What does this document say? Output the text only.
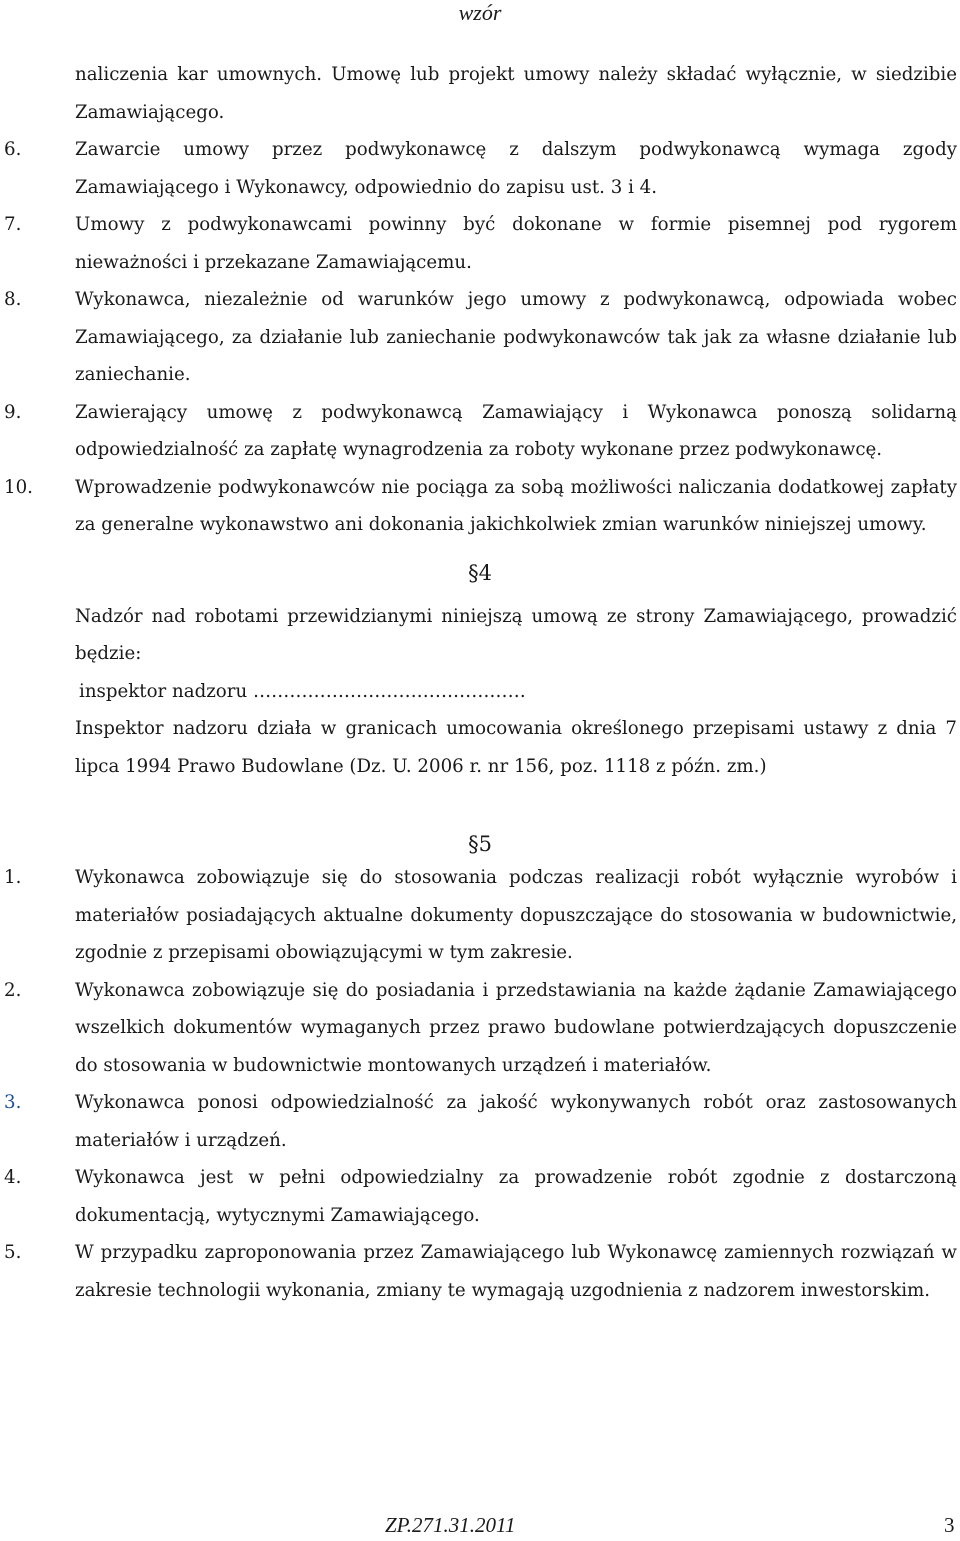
wzór
naliczenia kar umownych. Umowę lub projekt umowy należy składać wyłącznie, w siedzibie Zamawiającego.
6.	Zawarcie umowy przez podwykonawcę z dalszym podwykonawcą wymaga zgody Zamawiającego i Wykonawcy, odpowiednio do zapisu ust. 3 i 4.
7.	Umowy z podwykonawcami powinny być dokonane w formie pisemnej pod rygorem nieważności i przekazane Zamawiającemu.
8.	Wykonawca, niezależnie od warunków jego umowy z podwykonawcą, odpowiada wobec Zamawiającego, za działanie lub zaniechanie podwykonawców tak jak za własne działanie lub zaniechanie.
9.	Zawierający umowę z podwykonawcą Zamawiający i Wykonawca ponoszą solidarną odpowiedzialność za zapłatę wynagrodzenia za roboty wykonane przez podwykonawcę.
10. Wprowadzenie podwykonawców nie pociąga za sobą możliwości naliczania dodatkowej zapłaty za generalne wykonawstwo ani dokonania jakichkolwiek zmian warunków niniejszej umowy.
§4
Nadzór nad robotami przewidzianymi niniejszą umową ze strony Zamawiającego, prowadzić będzie:
inspektor nadzoru ………………………………………
Inspektor nadzoru działa w granicach umocowania określonego przepisami ustawy z dnia 7 lipca 1994 Prawo Budowlane (Dz. U. 2006 r. nr 156, poz. 1118 z późn. zm.)
§5
1.	Wykonawca zobowiązuje się do stosowania podczas realizacji robót wyłącznie wyrobów i materiałów posiadających aktualne dokumenty dopuszczające do stosowania w budownictwie, zgodnie z przepisami obowiązującymi w tym zakresie.
2.	Wykonawca zobowiązuje się do posiadania i przedstawiania na każde żądanie Zamawiającego wszelkich dokumentów wymaganych przez prawo budowlane potwierdzających dopuszczenie do stosowania w budownictwie montowanych urządzeń i materiałów.
3.	Wykonawca ponosi odpowiedzialność za jakość wykonywanych robót oraz zastosowanych materiałów i urządzeń.
4.	Wykonawca jest w pełni odpowiedzialny za prowadzenie robót zgodnie z dostarczoną dokumentacją, wytycznymi Zamawiającego.
5.	W przypadku zaproponowania przez Zamawiającego lub Wykonawcę zamiennych rozwiązań w zakresie technologii wykonania, zmiany te wymagają uzgodnienia z nadzorem inwestorskim.
ZP.271.31.2011	3
